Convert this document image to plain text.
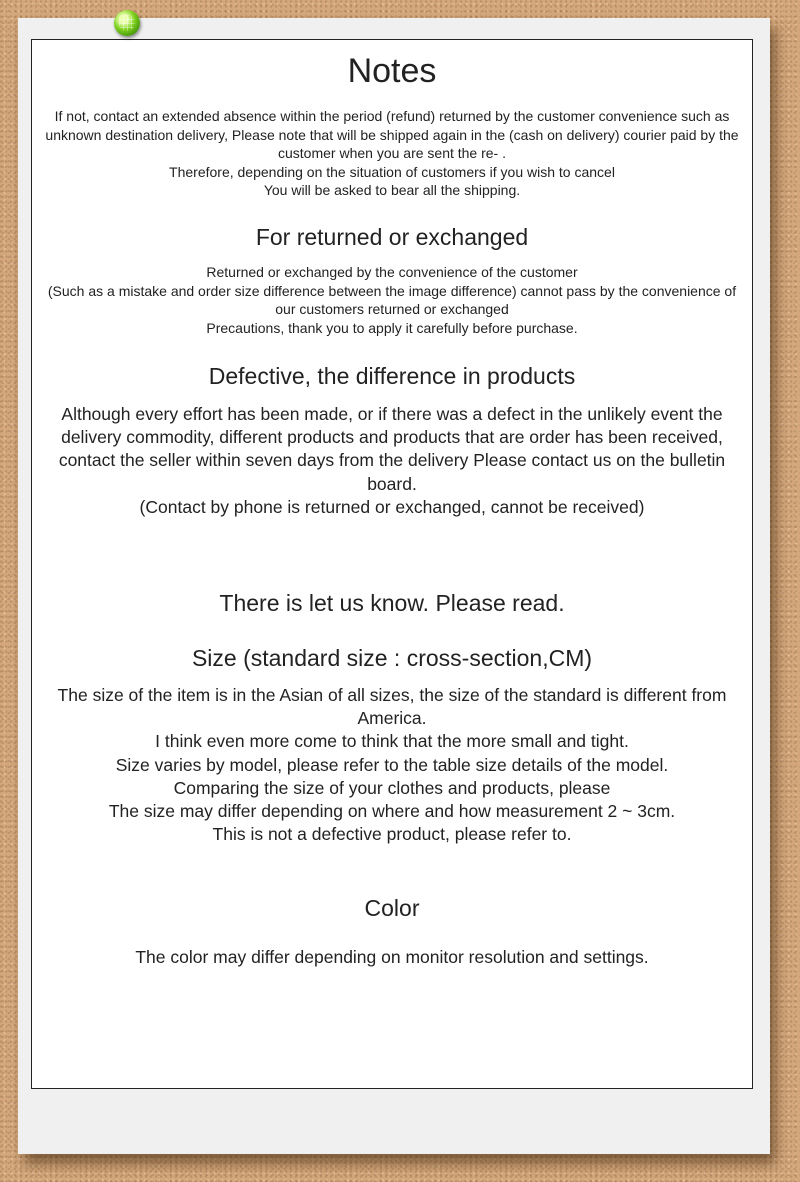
Notes
If not, contact an extended absence within the period (refund) returned by the customer convenience such as unknown destination delivery, Please note that will be shipped again in the (cash on delivery) courier paid by the customer when you are sent the re- .
Therefore, depending on the situation of customers if you wish to cancel
You will be asked to bear all the shipping.
For returned or exchanged
Returned or exchanged by the convenience of the customer
(Such as a mistake and order size difference between the image difference) cannot pass by the convenience of our customers returned or exchanged
Precautions, thank you to apply it carefully before purchase.
Defective, the difference in products
Although every effort has been made, or if there was a defect in the unlikely event the delivery commodity, different products and products that are order has been received, contact the seller within seven days from the delivery Please contact us on the bulletin board.
(Contact by phone is returned or exchanged, cannot be received)
There is let us know. Please read.
Size (standard size : cross-section,CM)
The size of the item is in the Asian of all sizes, the size of the standard is different from America.
I think even more come to think that the more small and tight.
Size varies by model, please refer to the table size details of the model.
Comparing the size of your clothes and products, please
The size may differ depending on where and how measurement 2 ~ 3cm.
This is not a defective product, please refer to.
Color
The color may differ depending on monitor resolution and settings.
